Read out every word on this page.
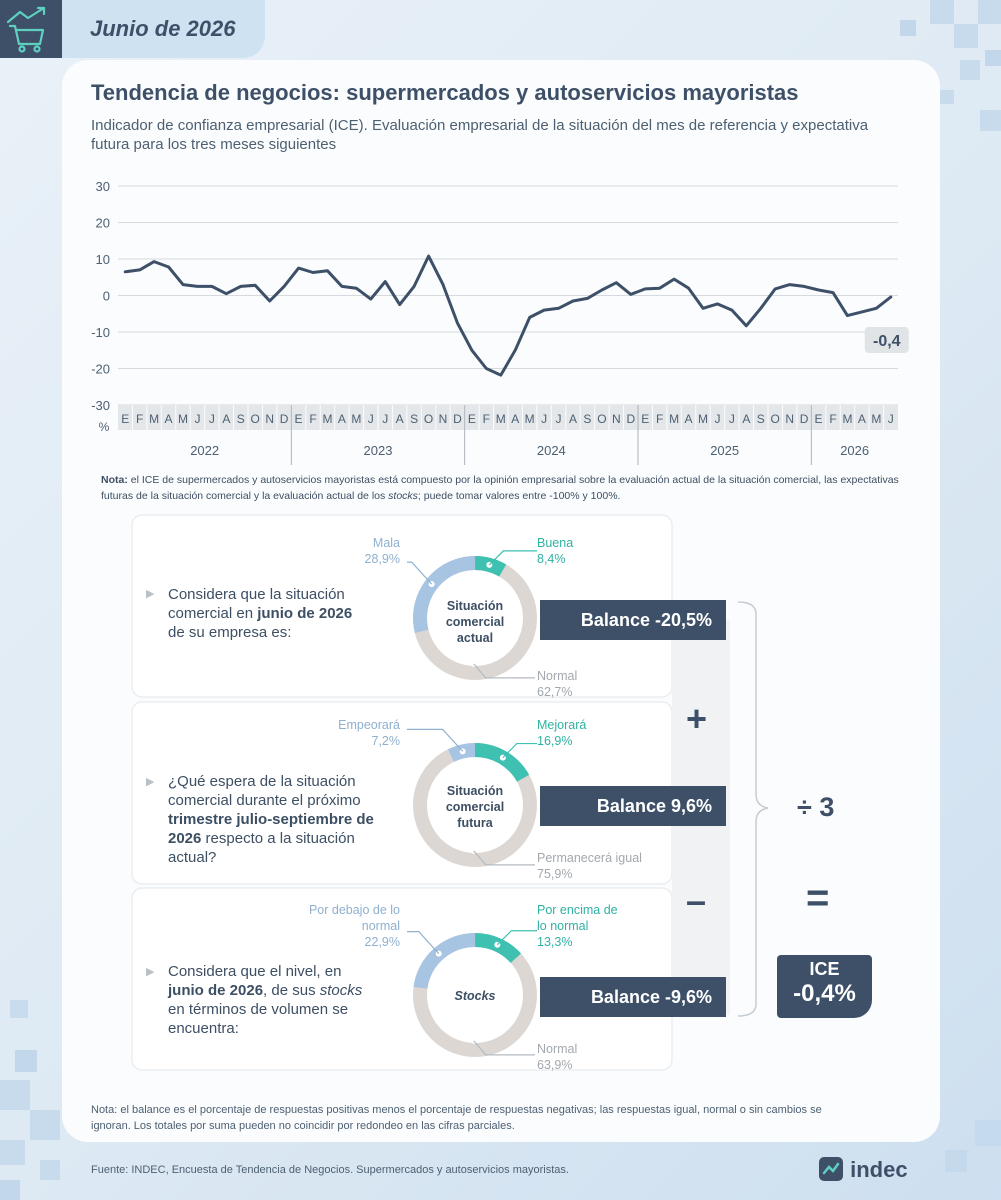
Junio de 2026
Tendencia de negocios: supermercados y autoservicios mayoristas
Indicador de confianza empresarial (ICE). Evaluación empresarial de la situación del mes de referencia y expectativa futura para los tres meses siguientes
30
20
10
0
-10
-20
-30
%
E F M A M J J A S O N D E F M A M J J A S O N D E F M A M J J A S O N D E F M A M J J A S O N D E F M A M J
2022	2023	2024	2025	2026
-0,4
Nota: el ICE de supermercados y autoservicios mayoristas está compuesto por la opinión empresarial sobre la evaluación actual de la situación comercial, las expectativas futuras de la situación comercial y la evaluación actual de los stocks; puede tomar valores entre -100% y 100%.
▶ Considera que la situación comercial en junio de 2026 de su empresa es:
Situación
comercial
actual
Buena
8,4%
Mala
28,9%
Normal
62,7%
Balance -20,5%
▶ ¿Qué espera de la situación comercial durante el próximo trimestre julio-septiembre de 2026 respecto a la situación actual?
Situación
comercial
futura
Mejorará
16,9%
Empeorará
7,2%
Permanecerá igual
75,9%
Balance 9,6%
▶ Considera que el nivel, en junio de 2026, de sus stocks en términos de volumen se encuentra:
Stocks
Por encima de lo normal
13,3%
Por debajo de lo normal
22,9%
Normal
63,9%
Balance -9,6%
+
–
÷ 3
=
ICE
-0,4%
Nota: el balance es el porcentaje de respuestas positivas menos el porcentaje de respuestas negativas; las respuestas igual, normal o sin cambios se ignoran. Los totales por suma pueden no coincidir por redondeo en las cifras parciales.
Fuente: INDEC, Encuesta de Tendencia de Negocios. Supermercados y autoservicios mayoristas.	indec
